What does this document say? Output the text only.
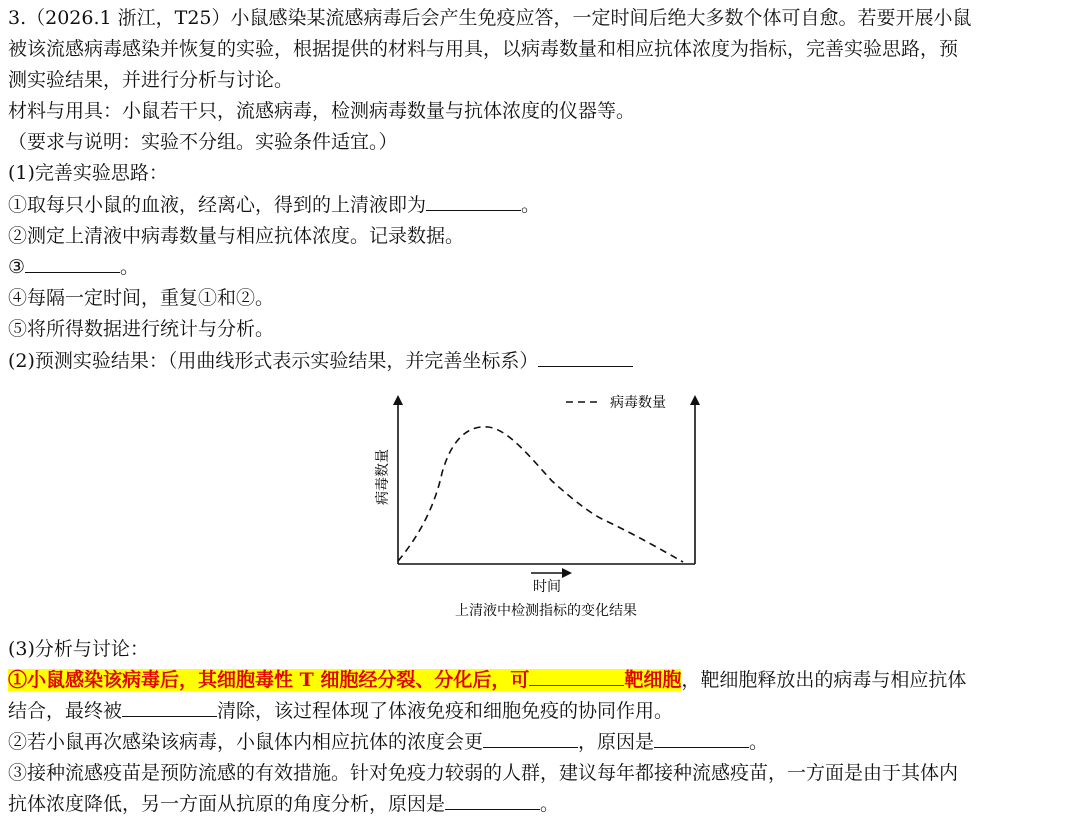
3.（2026.1 浙江，T25）小鼠感染某流感病毒后会产生免疫应答，一定时间后绝大多数个体可自愈。若要开展小鼠
被该流感病毒感染并恢复的实验，根据提供的材料与用具，以病毒数量和相应抗体浓度为指标，完善实验思路，预
测实验结果，并进行分析与讨论。
材料与用具：小鼠若干只，流感病毒，检测病毒数量与抗体浓度的仪器等。
（要求与说明：实验不分组。实验条件适宜。）
(1)完善实验思路：
①取每只小鼠的血液，经离心，得到的上清液即为	。
②测定上清液中病毒数量与相应抗体浓度。记录数据。
③	。
④每隔一定时间，重复①和②。
⑤将所得数据进行统计与分析。
(2)预测实验结果：（用曲线形式表示实验结果，并完善坐标系）
病毒数量
病毒数量
时间
上清液中检测指标的变化结果
(3)分析与讨论：
①小鼠感染该病毒后，其细胞毒性 T 细胞经分裂、分化后，可	靶细胞，靶细胞释放出的病毒与相应抗体
结合，最终被	清除，该过程体现了体液免疫和细胞免疫的协同作用。
②若小鼠再次感染该病毒，小鼠体内相应抗体的浓度会更	，原因是	。
③接种流感疫苗是预防流感的有效措施。针对免疫力较弱的人群，建议每年都接种流感疫苗，一方面是由于其体内
抗体浓度降低，另一方面从抗原的角度分析，原因是	。
